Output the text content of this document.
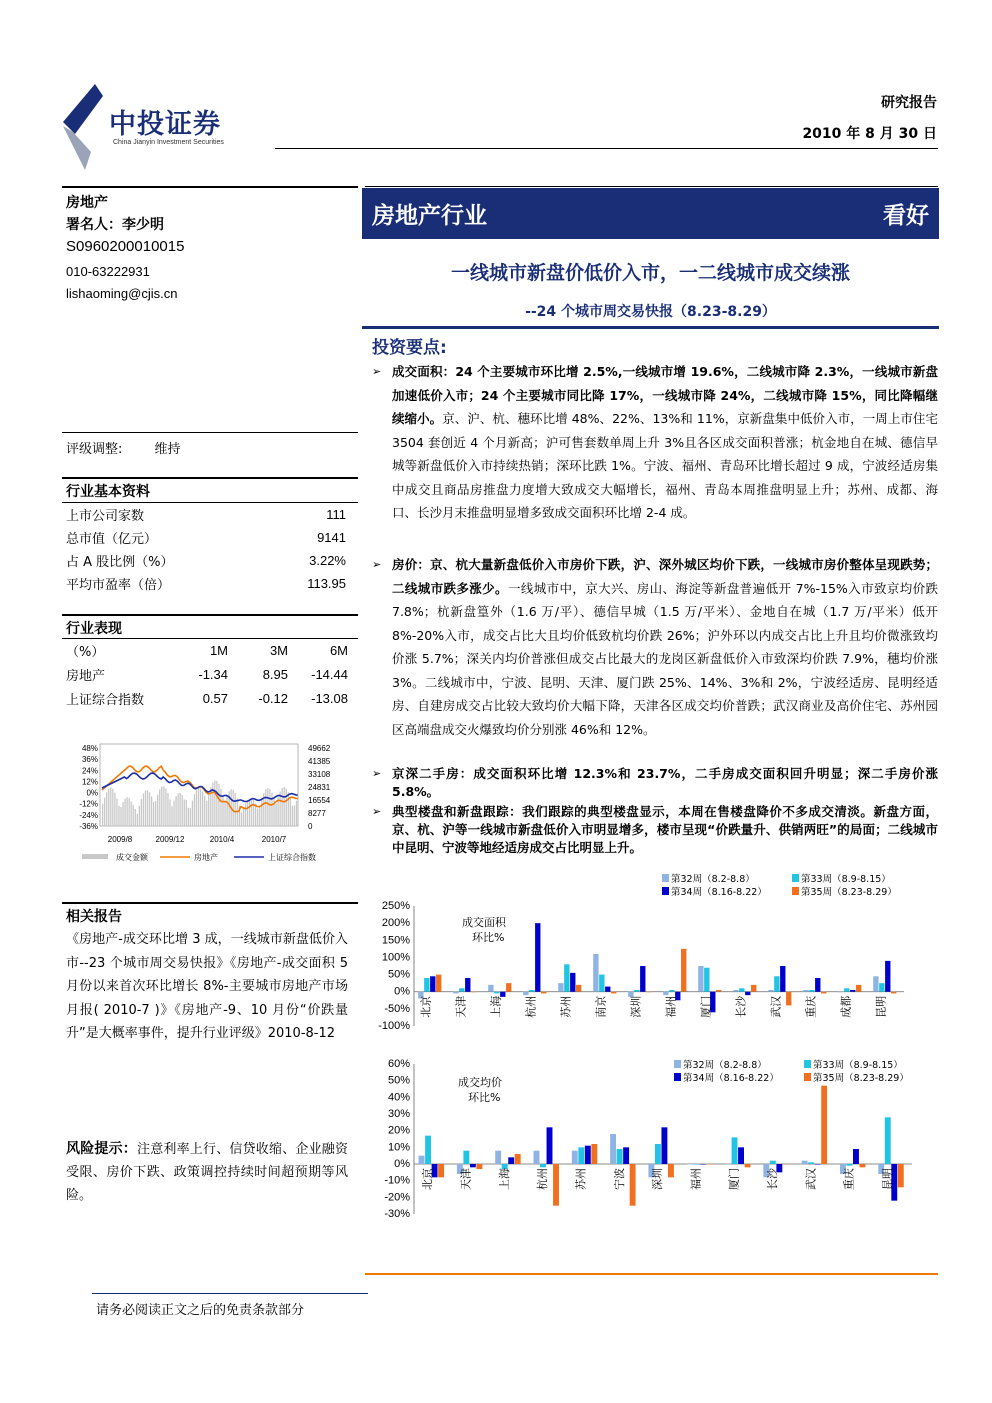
中投证券
China Jianyin Investment Securities
研究报告
2010 年 8 月 30 日
房地产
署名人：李少明
S0960200010015
010-63222931
lishaoming@cjis.cn
评级调整: 维持
行业基本资料
上市公司家数	111
总市值（亿元）	9141
占 A 股比例（%）	3.22%
平均市盈率（倍）	113.95
行业表现
（%）	1M	3M	6M
房地产	-1.34	8.95	-14.44
上证综合指数	0.57	-0.12	-13.08
48%
36%
24%
12%
0%
-12%
-24%
-36%
49662
41385
33108
24831
16554
8277
0
2009/8	2009/12	2010/4	2010/7
成交金额	房地产	上证综合指数
相关报告
《房地产-成交环比增 3 成，一线城市新盘低价入市--23 个城市周交易快报》《房地产-成交面积 5 月份以来首次环比增长 8%-主要城市房地产市场月报( 2010-7 )》《房地产-9、10 月份“价跌量升”是大概率事件，提升行业评级》2010-8-12
风险提示：注意利率上行、信贷收缩、企业融资受限、房价下跌、政策调控持续时间超预期等风险。
房地产行业	看好
一线城市新盘价低价入市，一二线城市成交续涨
--24 个城市周交易快报（8.23-8.29）
投资要点:
➢ 成交面积：24 个主要城市环比增 2.5%,一线城市增 19.6%，二线城市降 2.3%，一线城市新盘加速低价入市；24 个主要城市同比降 17%，一线城市降 24%，二线城市降 15%，同比降幅继续缩小。京、沪、杭、穗环比增 48%、22%、13%和 11%，京新盘集中低价入市，一周上市住宅 3504 套创近 4 个月新高；沪可售套数单周上升 3%且各区成交面积普涨；杭金地自在城、德信早城等新盘低价入市持续热销；深环比跌 1%。宁波、福州、青岛环比增长超过 9 成，宁波经适房集中成交且商品房推盘力度增大致成交大幅增长，福州、青岛本周推盘明显上升；苏州、成都、海口、长沙月末推盘明显增多致成交面积环比增 2-4 成。
➢ 房价：京、杭大量新盘低价入市房价下跌，沪、深外城区均价下跌，一线城市房价整体呈现跌势；二线城市跌多涨少。一线城市中，京大兴、房山、海淀等新盘普遍低开 7%-15%入市致京均价跌 7.8%；杭新盘篁外（1.6 万/平）、德信早城（1.5 万/平米）、金地自在城（1.7 万/平米）低开 8%-20%入市，成交占比大且均价低致杭均价跌 26%；沪外环以内成交占比上升且均价微涨致均价涨 5.7%；深关内均价普涨但成交占比最大的龙岗区新盘低价入市致深均价跌 7.9%，穗均价涨 3%。二线城市中，宁波、昆明、天津、厦门跌 25%、14%、3%和 2%，宁波经适房、昆明经适房、自建房成交占比较大致均价大幅下降，天津各区成交均价普跌；武汉商业及高价住宅、苏州园区高端盘成交火爆致均价分别涨 46%和 12%。
➢ 京深二手房：成交面积环比增 12.3%和 23.7%，二手房成交面积回升明显；深二手房价涨 5.8%。
➢ 典型楼盘和新盘跟踪：我们跟踪的典型楼盘显示，本周在售楼盘降价不多成交清淡。新盘方面，京、杭、沪等一线城市新盘低价入市明显增多，楼市呈现“价跌量升、供销两旺”的局面；二线城市中昆明、宁波等地经适房成交占比明显上升。
250%
200%
150%
100%
50%
0%
-50%
-100%
北京 天津 上海 杭州 苏州 南京 深圳 福州 厦门 长沙 武汉 重庆 成都 昆明
成交面积
环比%
第32周（8.2-8.8）	第33周（8.9-8.15）
第34周（8.16-8.22）	第35周（8.23-8.29）
60%
50%
40%
30%
20%
10%
0%
-10%
-20%
-30%
北京 天津 上海 杭州 苏州 宁波 深圳 福州 厦门 长沙 武汉 重庆 昆明
成交均价
环比%
第32周（8.2-8.8）	第33周（8.9-8.15）
第34周（8.16-8.22）	第35周（8.23-8.29）
请务必阅读正文之后的免责条款部分
